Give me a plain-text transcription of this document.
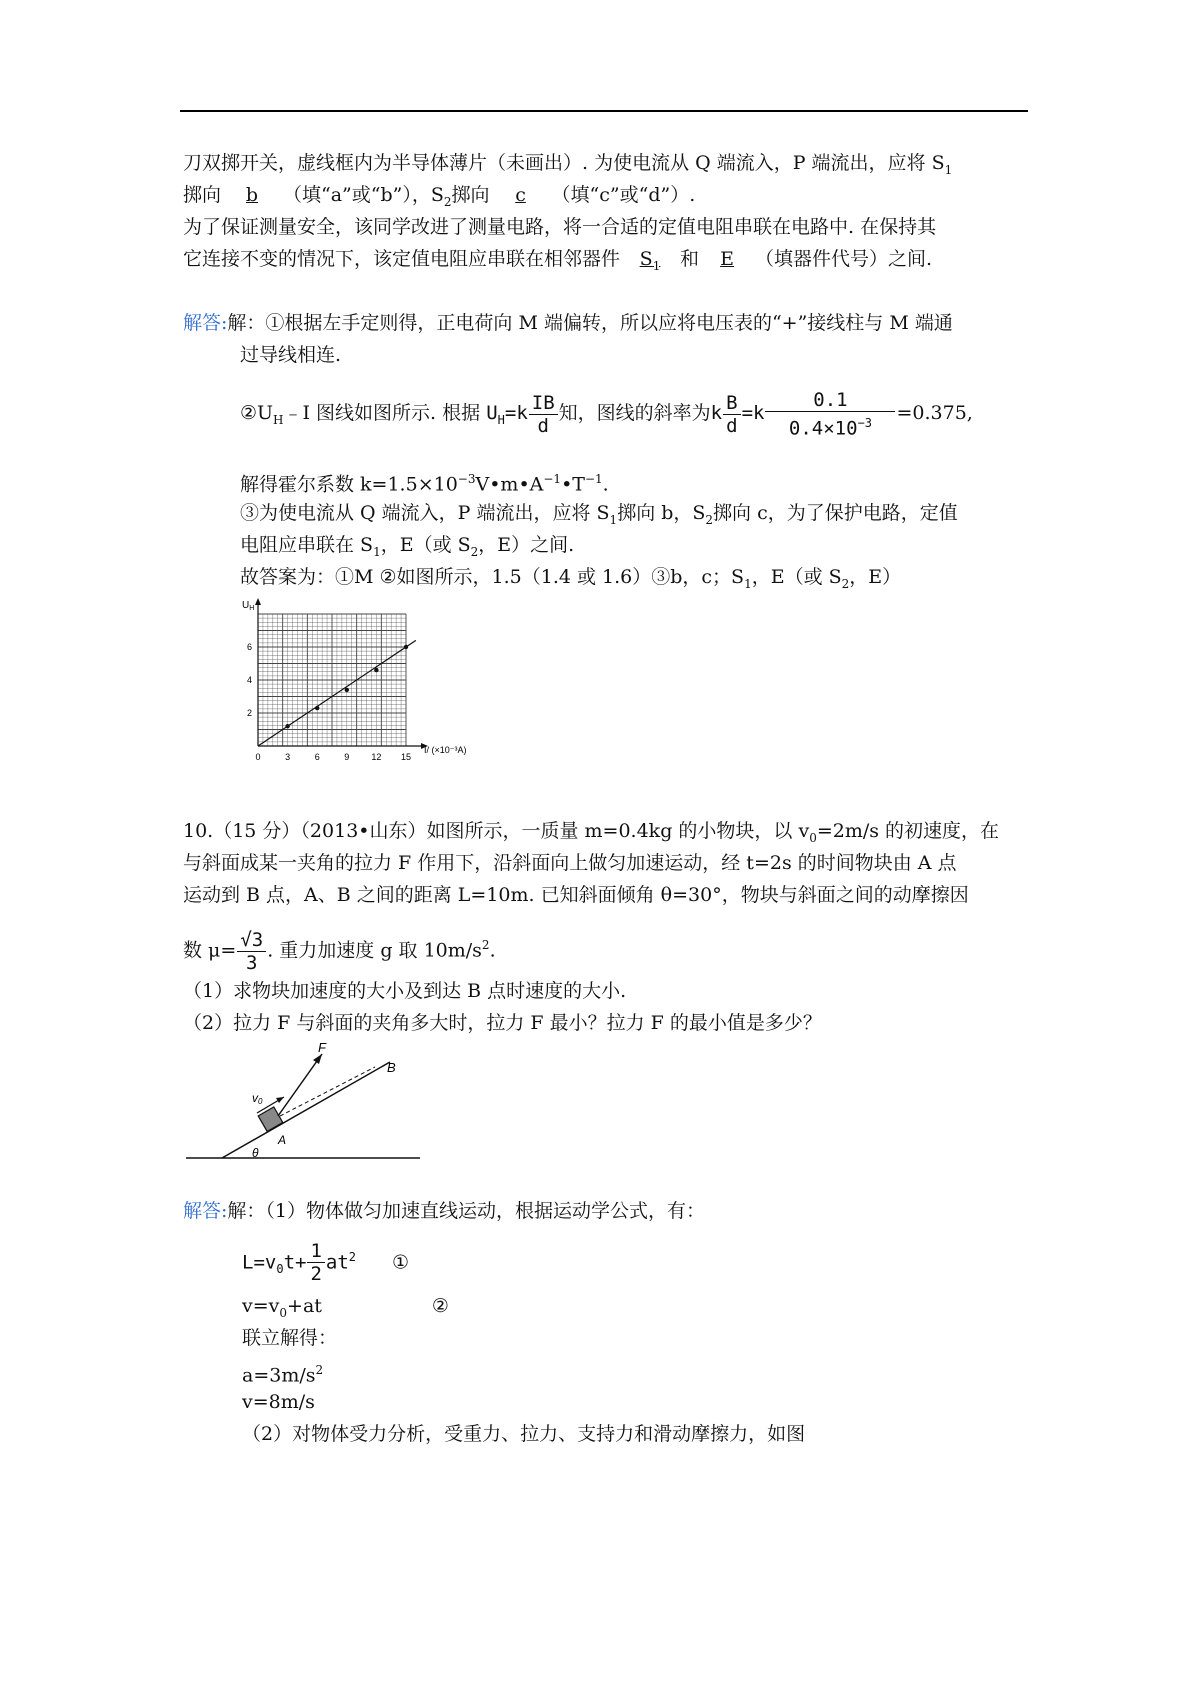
刀双掷开关，虚线框内为半导体薄片（未画出）. 为使电流从 Q 端流入，P 端流出，应将 $S_1$
掷向 b （填“a”或“b”），$S_2$掷向 c （填“c”或“d”）.
为了保证测量安全，该同学改进了测量电路，将一合适的定值电阻串联在电路中. 在保持其
它连接不变的情况下，该定值电阻应串联在相邻器件 $S_1$ 和 E （填器件代号）之间.
解答:解：①根据左手定则得，正电荷向 M 端偏转，所以应将电压表的“+”接线柱与 M 端通
过导线相连.
$②U_H﹣I$ 图线如图所示. 根据 $U_H=k \frac{IB}{d}$ 知，图线的斜率为k $\frac{B}{d} =k \frac{0.1}{0.4\times 10^{-3}} =0.375$,
解得霍尔系数 $k=1.5\times 10^{-3}V•m•A^{-1}•T^{-1}$.
③为使电流从 Q 端流入，P 端流出，应将 $S_1$掷向 b，$S_2$掷向 c，为了保护电路，定值
电阻应串联在 $S_1$，E（或 $S_2$，E）之间.
故答案为：①M ②如图所示，1.5（1.4 或 1.6）③b，c；$S_1$，E（或 $S_2$，E）
$U_H$
I/ (×10⁻³A)
0	3	6	9 12 15
2
4
6
10.（15 分）（2013•山东）如图所示，一质量 m=0.4kg 的小物块，以 $v_0=2m/s$ 的初速度，在
与斜面成某一夹角的拉力 F 作用下，沿斜面向上做匀加速运动，经 t=2s 的时间物块由 A 点
运动到 B 点，A、B 之间的距离 L=10m. 已知斜面倾角 θ=30°，物块与斜面之间的动摩擦因
数 $\mu= \frac{√3}{3}$ . 重力加速度 g 取 $10m/s^2$.
（1）求物块加速度的大小及到达 B 点时速度的大小.
（2）拉力 F 与斜面的夹角多大时，拉力 F 最小？拉力 F 的最小值是多少？
F
v0
B
A
θ
解答:解：（1）物体做匀加速直线运动，根据运动学公式，有：
$L=v_0t+ \frac{1}{2} at^2$ ①
$v=v_0+at$	②
联立解得：
$a=3m/s^2$
v=8m/s
（2）对物体受力分析，受重力、拉力、支持力和滑动摩擦力，如图
